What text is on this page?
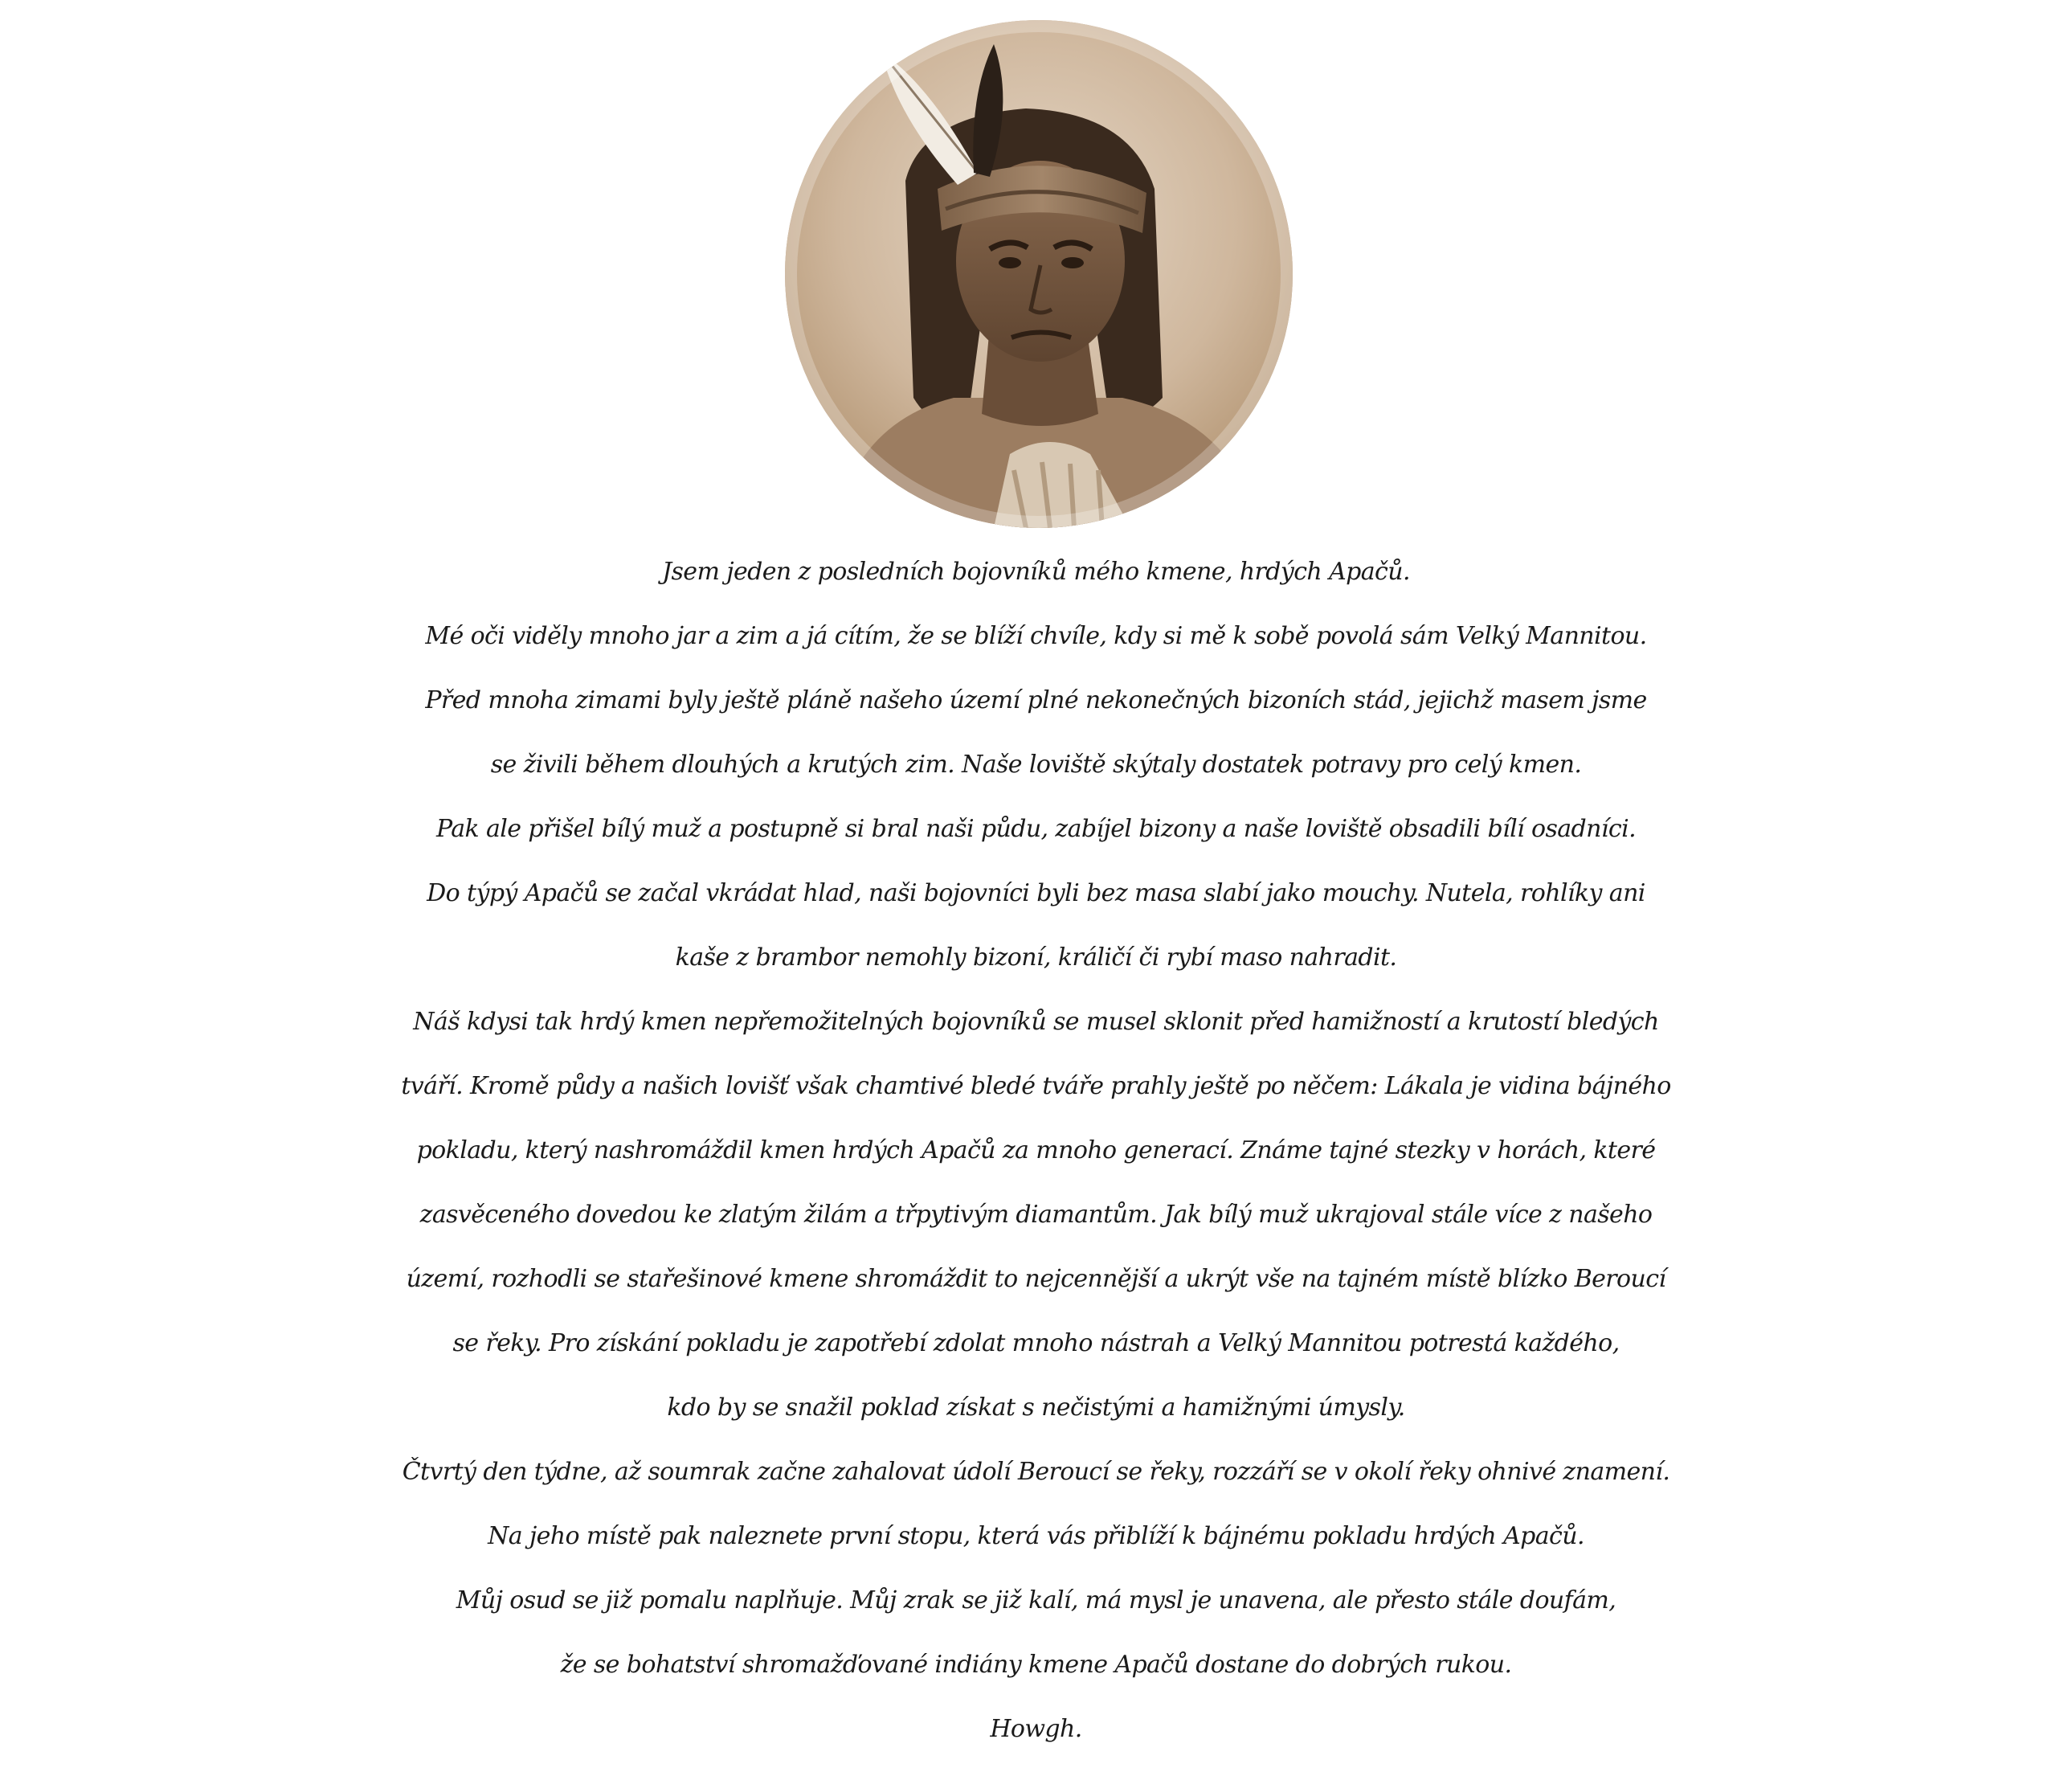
Jsem jeden z posledních bojovníků mého kmene, hrdých Apačů.
Mé oči viděly mnoho jar a zim a já cítím, že se blíží chvíle, kdy si mě k sobě povolá sám Velký Mannitou.
Před mnoha zimami byly ještě pláně našeho území plné nekonečných bizoních stád, jejichž masem jsme
se živili během dlouhých a krutých zim. Naše loviště skýtaly dostatek potravy pro celý kmen.
Pak ale přišel bílý muž a postupně si bral naši půdu, zabíjel bizony a naše loviště obsadili bílí osadníci.
Do týpý Apačů se začal vkrádat hlad, naši bojovníci byli bez masa slabí jako mouchy. Nutela, rohlíky ani
kaše z brambor nemohly bizoní, králičí či rybí maso nahradit.
Náš kdysi tak hrdý kmen nepřemožitelných bojovníků se musel sklonit před hamižností a krutostí bledých
tváří. Kromě půdy a našich lovišť však chamtivé bledé tváře prahly ještě po něčem: Lákala je vidina bájného
pokladu, který nashromáždil kmen hrdých Apačů za mnoho generací. Známe tajné stezky v horách, které
zasvěceného dovedou ke zlatým žilám a třpytivým diamantům. Jak bílý muž ukrajoval stále více z našeho
území, rozhodli se stařešinové kmene shromáždit to nejcennější a ukrýt vše na tajném místě blízko Beroucí
se řeky. Pro získání pokladu je zapotřebí zdolat mnoho nástrah a Velký Mannitou potrestá každého,
kdo by se snažil poklad získat s nečistými a hamižnými úmysly.
Čtvrtý den týdne, až soumrak začne zahalovat údolí Beroucí se řeky, rozzáří se v okolí řeky ohnivé znamení.
Na jeho místě pak naleznete první stopu, která vás přiblíží k bájnému pokladu hrdých Apačů.
Můj osud se již pomalu naplňuje. Můj zrak se již kalí, má mysl je unavena, ale přesto stále doufám,
že se bohatství shromažďované indiány kmene Apačů dostane do dobrých rukou.
Howgh.
